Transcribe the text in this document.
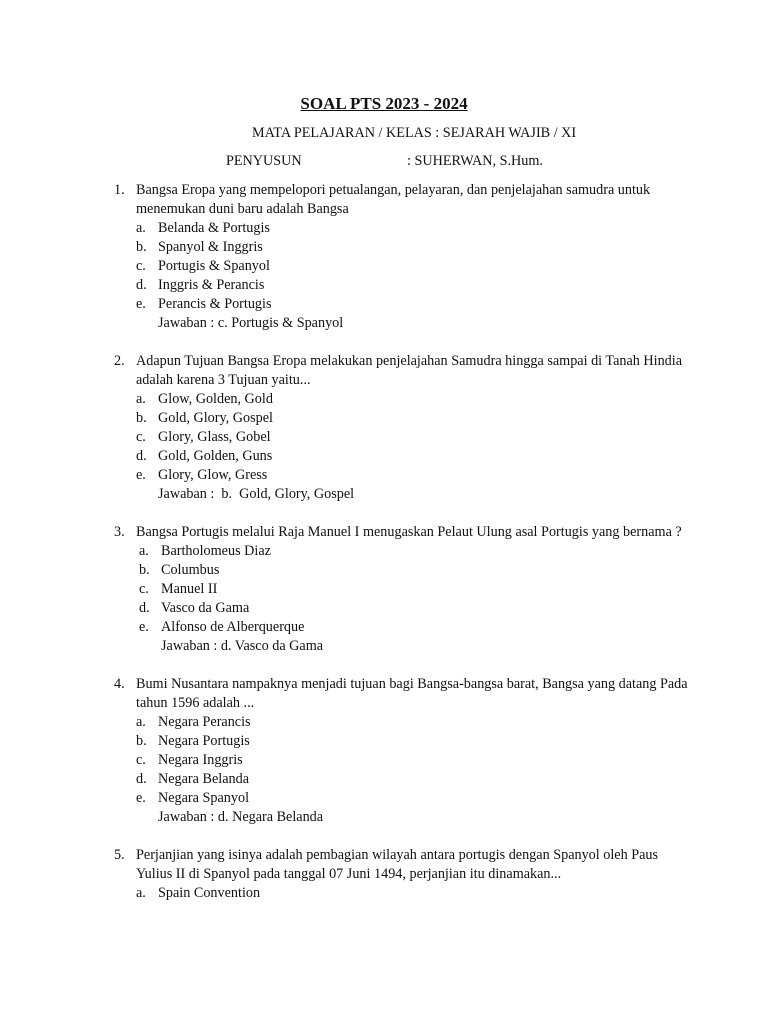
SOAL PTS 2023 - 2024
MATA PELAJARAN / KELAS : SEJARAH WAJIB / XI
PENYUSUN	: SUHERWAN, S.Hum.
1. Bangsa Eropa yang mempelopori petualangan, pelayaran, dan penjelajahan samudra untuk menemukan duni baru adalah Bangsa
a. Belanda & Portugis
b. Spanyol & Inggris
c. Portugis & Spanyol
d. Inggris & Perancis
e. Perancis & Portugis
Jawaban : c. Portugis & Spanyol
2. Adapun Tujuan Bangsa Eropa melakukan penjelajahan Samudra hingga sampai di Tanah Hindia adalah karena 3 Tujuan yaitu...
a. Glow, Golden, Gold
b. Gold, Glory, Gospel
c. Glory, Glass, Gobel
d. Gold, Golden, Guns
e. Glory, Glow, Gress
Jawaban :  b.  Gold, Glory, Gospel
3. Bangsa Portugis melalui Raja Manuel I menugaskan Pelaut Ulung asal Portugis yang bernama ?
a. Bartholomeus Diaz
b. Columbus
c. Manuel II
d. Vasco da Gama
e. Alfonso de Alberquerque
Jawaban : d. Vasco da Gama
4. Bumi Nusantara nampaknya menjadi tujuan bagi Bangsa-bangsa barat, Bangsa yang datang Pada tahun 1596 adalah ...
a. Negara Perancis
b. Negara Portugis
c. Negara Inggris
d. Negara Belanda
e. Negara Spanyol
Jawaban : d. Negara Belanda
5. Perjanjian yang isinya adalah pembagian wilayah antara portugis dengan Spanyol oleh Paus Yulius II di Spanyol pada tanggal 07 Juni 1494, perjanjian itu dinamakan...
a. Spain Convention
